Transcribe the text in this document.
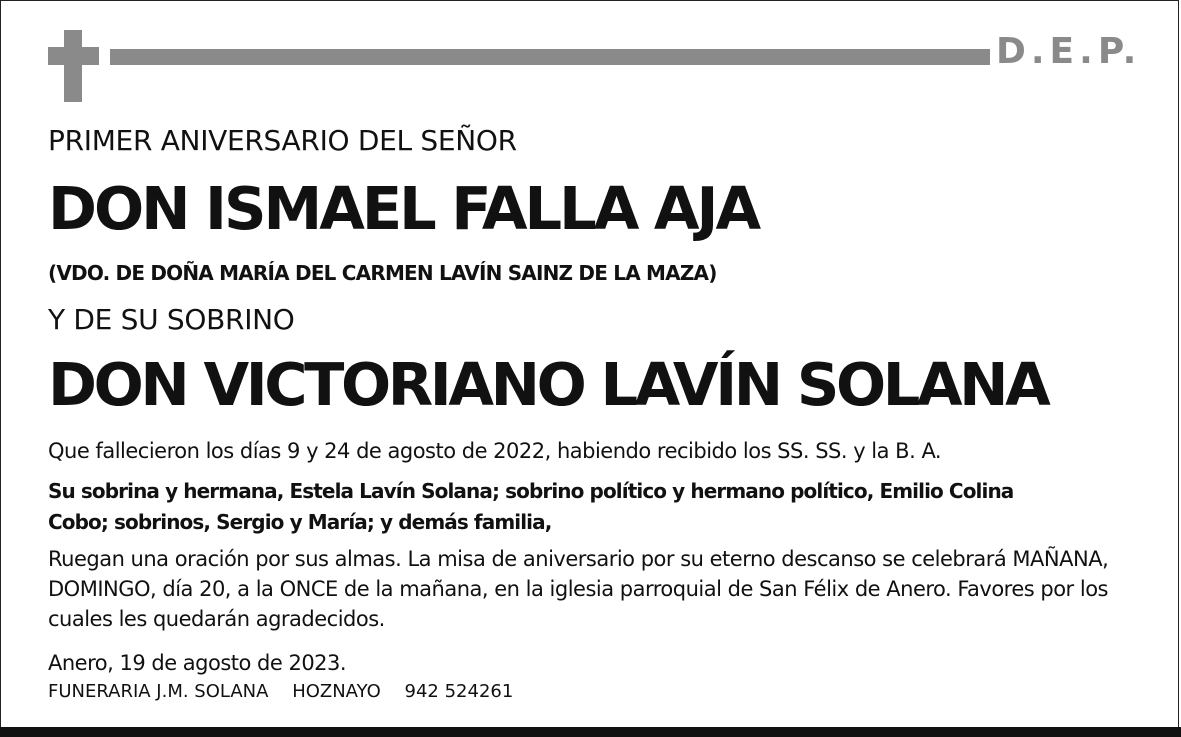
D.E.P.
PRIMER ANIVERSARIO DEL SEÑOR
DON ISMAEL FALLA AJA
(VDO. DE DOÑA MARÍA DEL CARMEN LAVÍN SAINZ DE LA MAZA)
Y DE SU SOBRINO
DON VICTORIANO LAVÍN SOLANA
Que fallecieron los días 9 y 24 de agosto de 2022, habiendo recibido los SS. SS. y la B. A.
Su sobrina y hermana, Estela Lavín Solana; sobrino político y hermano político, Emilio Colina Cobo; sobrinos, Sergio y María; y demás familia,
Ruegan una oración por sus almas. La misa de aniversario por su eterno descanso se celebrará MAÑANA, DOMINGO, día 20, a la ONCE de la mañana, en la iglesia parroquial de San Félix de Anero. Favores por los cuales les quedarán agradecidos.
Anero, 19 de agosto de 2023.
FUNERARIA J.M. SOLANA HOZNAYO 942 524261
